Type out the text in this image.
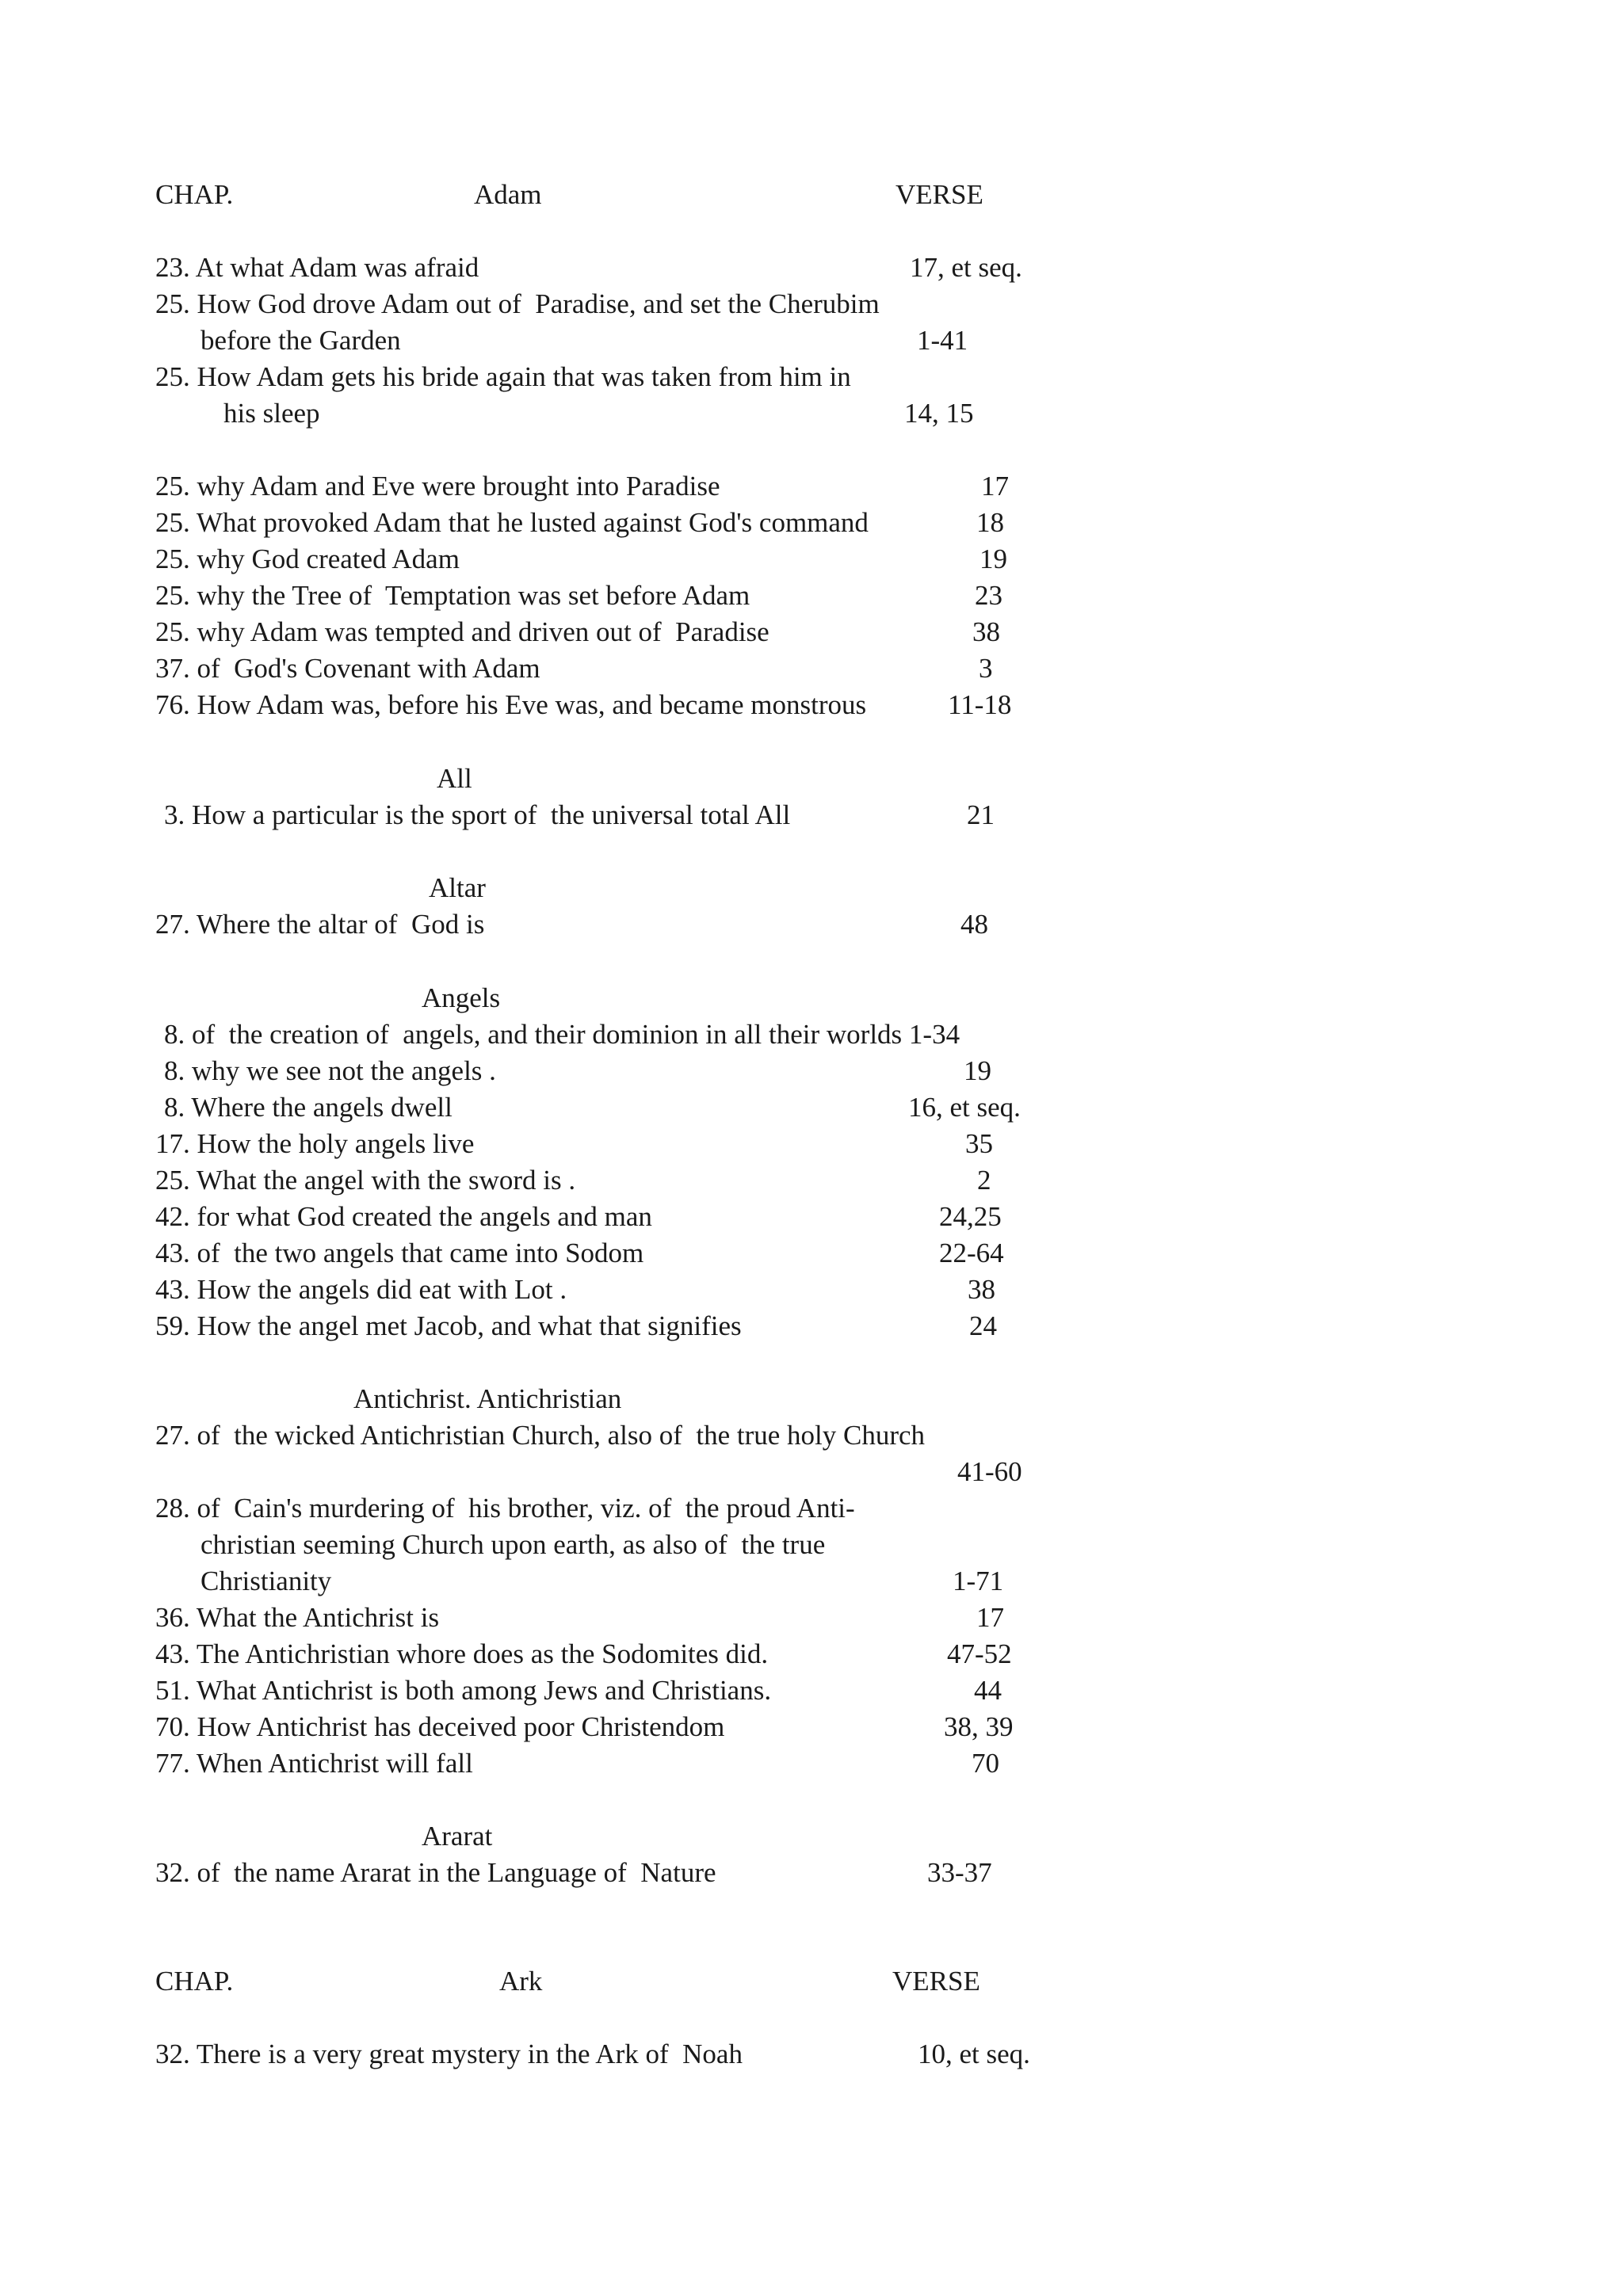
CHAP.	Adam	VERSE
23. At what Adam was afraid	17, et seq.
25. How God drove Adam out of  Paradise, and set the Cherubim
before the Garden	1-41
25. How Adam gets his bride again that was taken from him in
his sleep	14, 15
25. why Adam and Eve were brought into Paradise	17
25. What provoked Adam that he lusted against God's command	18
25. why God created Adam	19
25. why the Tree of  Temptation was set before Adam	23
25. why Adam was tempted and driven out of  Paradise	38
37. of  God's Covenant with Adam	3
76. How Adam was, before his Eve was, and became monstrous	11-18
All
3. How a particular is the sport of  the universal total All	21
Altar
27. Where the altar of  God is	48
Angels
8. of  the creation of  angels, and their dominion in all their worlds 1-34
8. why we see not the angels .	19
8. Where the angels dwell	16, et seq.
17. How the holy angels live	35
25. What the angel with the sword is .	2
42. for what God created the angels and man	24,25
43. of  the two angels that came into Sodom	22-64
43. How the angels did eat with Lot .	38
59. How the angel met Jacob, and what that signifies	24
Antichrist. Antichristian
27. of  the wicked Antichristian Church, also of  the true holy Church
41-60
28. of  Cain's murdering of  his brother, viz. of  the proud Anti-
christian seeming Church upon earth, as also of  the true
Christianity	1-71
36. What the Antichrist is	17
43. The Antichristian whore does as the Sodomites did.	47-52
51. What Antichrist is both among Jews and Christians.	44
70. How Antichrist has deceived poor Christendom	38, 39
77. When Antichrist will fall	70
Ararat
32. of  the name Ararat in the Language of  Nature	33-37
CHAP.	Ark	VERSE
32. There is a very great mystery in the Ark of  Noah	10, et seq.
